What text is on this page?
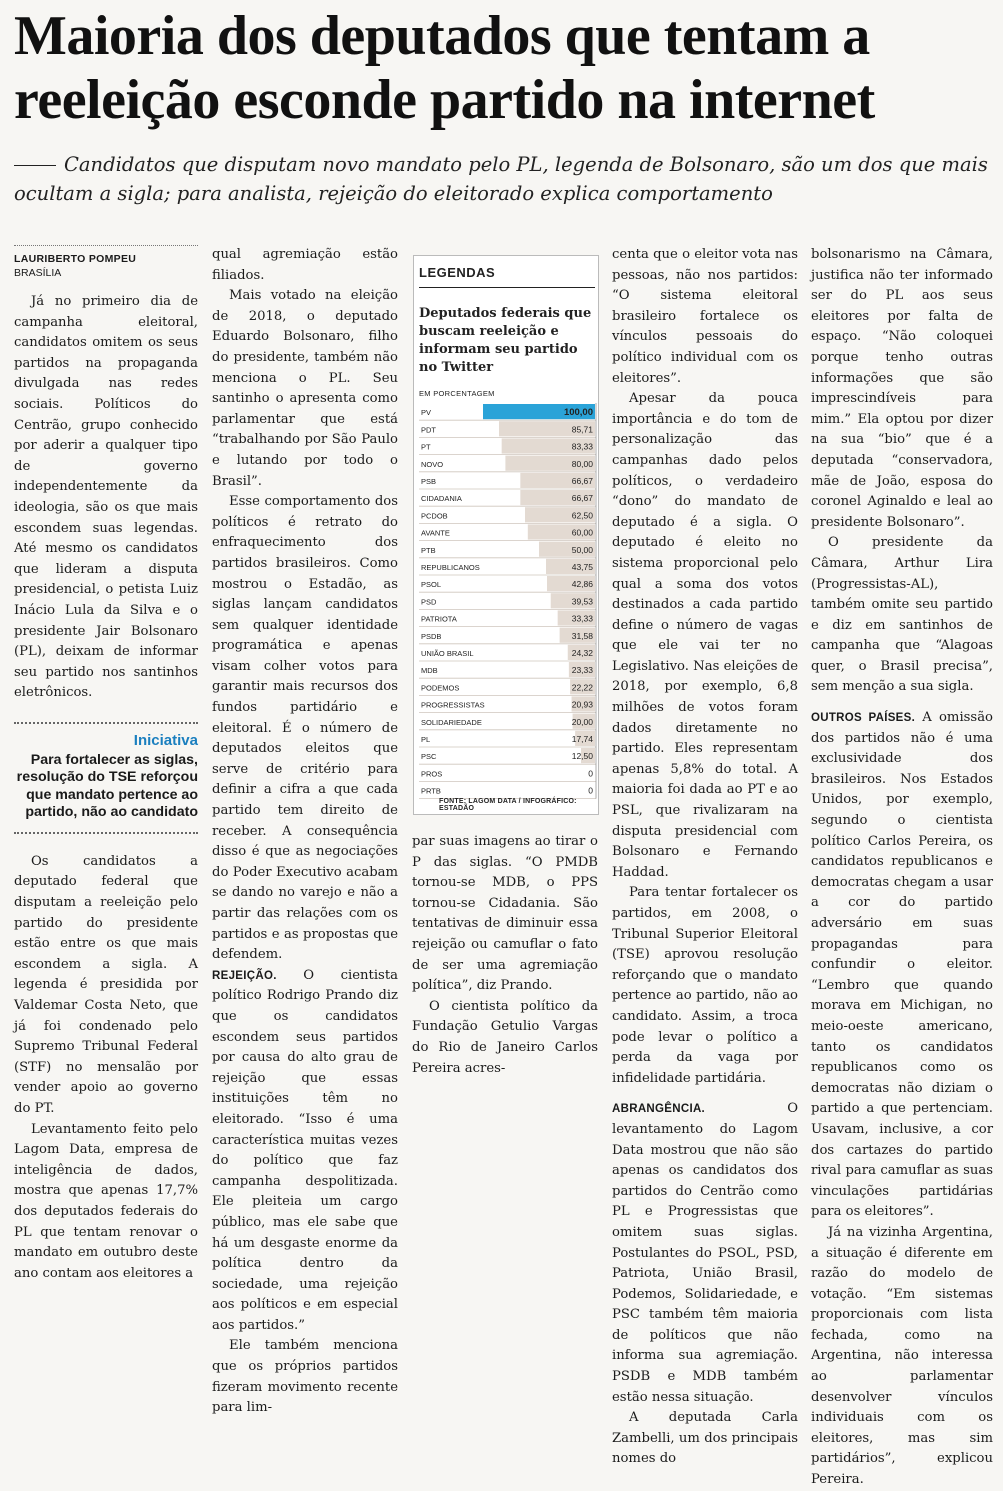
Maioria dos deputados que tentam a reeleição esconde partido na internet

Candidatos que disputam novo mandato pelo PL, legenda de Bolsonaro, são um dos que mais ocultam a sigla; para analista, rejeição do eleitorado explica comportamento

LAURIBERTO POMPEU
BRASÍLIA

Já no primeiro dia de campanha eleitoral, candidatos omitem os seus partidos na propaganda divulgada nas redes sociais. Políticos do Centrão, grupo conhecido por aderir a qualquer tipo de governo independentemente da ideologia, são os que mais escondem suas legendas. Até mesmo os candidatos que lideram a disputa presidencial, o petista Luiz Inácio Lula da Silva e o presidente Jair Bolsonaro (PL), deixam de informar seu partido nos santinhos eletrônicos.

Iniciativa
Para fortalecer as siglas, resolução do TSE reforçou que mandato pertence ao partido, não ao candidato

Os candidatos a deputado federal que disputam a reeleição pelo partido do presidente estão entre os que mais escondem a sigla. A legenda é presidida por Valdemar Costa Neto, que já foi condenado pelo Supremo Tribunal Federal (STF) no mensalão por vender apoio ao governo do PT.

Levantamento feito pelo Lagom Data, empresa de inteligência de dados, mostra que apenas 17,7% dos deputados federais do PL que tentam renovar o mandato em outubro deste ano contam aos eleitores a

qual agremiação estão filiados.

Mais votado na eleição de 2018, o deputado Eduardo Bolsonaro, filho do presidente, também não menciona o PL. Seu santinho o apresenta como parlamentar que está “trabalhando por São Paulo e lutando por todo o Brasil”.

Esse comportamento dos políticos é retrato do enfraquecimento dos partidos brasileiros. Como mostrou o Estadão, as siglas lançam candidatos sem qualquer identidade programática e apenas visam colher votos para garantir mais recursos dos fundos partidário e eleitoral. É o número de deputados eleitos que serve de critério para definir a cifra a que cada partido tem direito de receber. A consequência disso é que as negociações do Poder Executivo acabam se dando no varejo e não a partir das relações com os partidos e as propostas que defendem.

REJEIÇÃO. O cientista político Rodrigo Prando diz que os candidatos escondem seus partidos por causa do alto grau de rejeição que essas instituições têm no eleitorado. “Isso é uma característica muitas vezes do político que faz campanha despolitizada. Ele pleiteia um cargo público, mas ele sabe que há um desgaste enorme da política dentro da sociedade, uma rejeição aos políticos e em especial aos partidos.”

Ele também menciona que os próprios partidos fizeram movimento recente para lim-

PV	100,00
PDT	85,71
PT	83,33
NOVO	80,00
PSB	66,67
CIDADANIA	66,67
PCDOB	62,50
AVANTE	60,00
PTB	50,00
REPUBLICANOS	43,75
PSOL	42,86
PSD	39,53
PATRIOTA	33,33
PSDB	31,58
UNIÃO BRASIL	24,32
MDB	23,33
PODEMOS	22,22
PROGRESSISTAS	20,93
SOLIDARIEDADE	20,00
PL	17,74
PSC	12,50
PROS	0
PRTB	0
LEGENDAS

Deputados federais que buscam reeleição e informam seu partido no Twitter

EM PORCENTAGEM
FONTE: LAGOM DATA / INFOGRÁFICO: ESTADÃO

par suas imagens ao tirar o P das siglas. “O PMDB tornou-se MDB, o PPS tornou-se Cidadania. São tentativas de diminuir essa rejeição ou camuflar o fato de ser uma agremiação política”, diz Prando.

O cientista político da Fundação Getulio Vargas do Rio de Janeiro Carlos Pereira acres-

centa que o eleitor vota nas pessoas, não nos partidos: “O sistema eleitoral brasileiro fortalece os vínculos pessoais do político individual com os eleitores”.

Apesar da pouca importância e do tom de personalização das campanhas dado pelos políticos, o verdadeiro “dono” do mandato de deputado é a sigla. O deputado é eleito no sistema proporcional pelo qual a soma dos votos destinados a cada partido define o número de vagas que ele vai ter no Legislativo. Nas eleições de 2018, por exemplo, 6,8 milhões de votos foram dados diretamente no partido. Eles representam apenas 5,8% do total. A maioria foi dada ao PT e ao PSL, que rivalizaram na disputa presidencial com Bolsonaro e Fernando Haddad.

Para tentar fortalecer os partidos, em 2008, o Tribunal Superior Eleitoral (TSE) aprovou resolução reforçando que o mandato pertence ao partido, não ao candidato. Assim, a troca pode levar o político a perda da vaga por infidelidade partidária.

ABRANGÊNCIA.	O levantamento do Lagom Data mostrou que não são apenas os candidatos dos partidos do Centrão como PL e Progressistas que omitem suas siglas. Postulantes do PSOL, PSD, Patriota, União Brasil, Podemos, Solidariedade, e PSC também têm maioria de políticos que não informa sua agremiação. PSDB e MDB também estão nessa situação.

A deputada Carla Zambelli, um dos principais nomes do

bolsonarismo na Câmara, justifica não ter informado ser do PL aos seus eleitores por falta de espaço. “Não coloquei porque tenho outras informações que são imprescindíveis para mim.” Ela optou por dizer na sua “bio” que é a deputada “conservadora, mãe de João, esposa do coronel Aginaldo e leal ao presidente Bolsonaro”.

O presidente da Câmara, Arthur Lira (Progressistas-AL), também omite seu partido e diz em santinhos de campanha que “Alagoas quer, o Brasil precisa”, sem menção a sua sigla.

OUTROS PAÍSES. A omissão dos partidos não é uma exclusividade dos brasileiros. Nos Estados Unidos, por exemplo, segundo o cientista político Carlos Pereira, os candidatos republicanos e democratas chegam a usar a cor do partido adversário em suas propagandas para confundir o eleitor. “Lembro que quando morava em Michigan, no meio-oeste americano, tanto os candidatos republicanos como os democratas não diziam o partido a que pertenciam. Usavam, inclusive, a cor dos cartazes do partido rival para camuflar as suas vinculações partidárias para os eleitores”.

Já na vizinha Argentina, a situação é diferente em razão do modelo de votação. “Em sistemas proporcionais com lista fechada, como na Argentina, não interessa ao parlamentar desenvolver vínculos individuais com os eleitores, mas sim partidários”, explicou Pereira.
